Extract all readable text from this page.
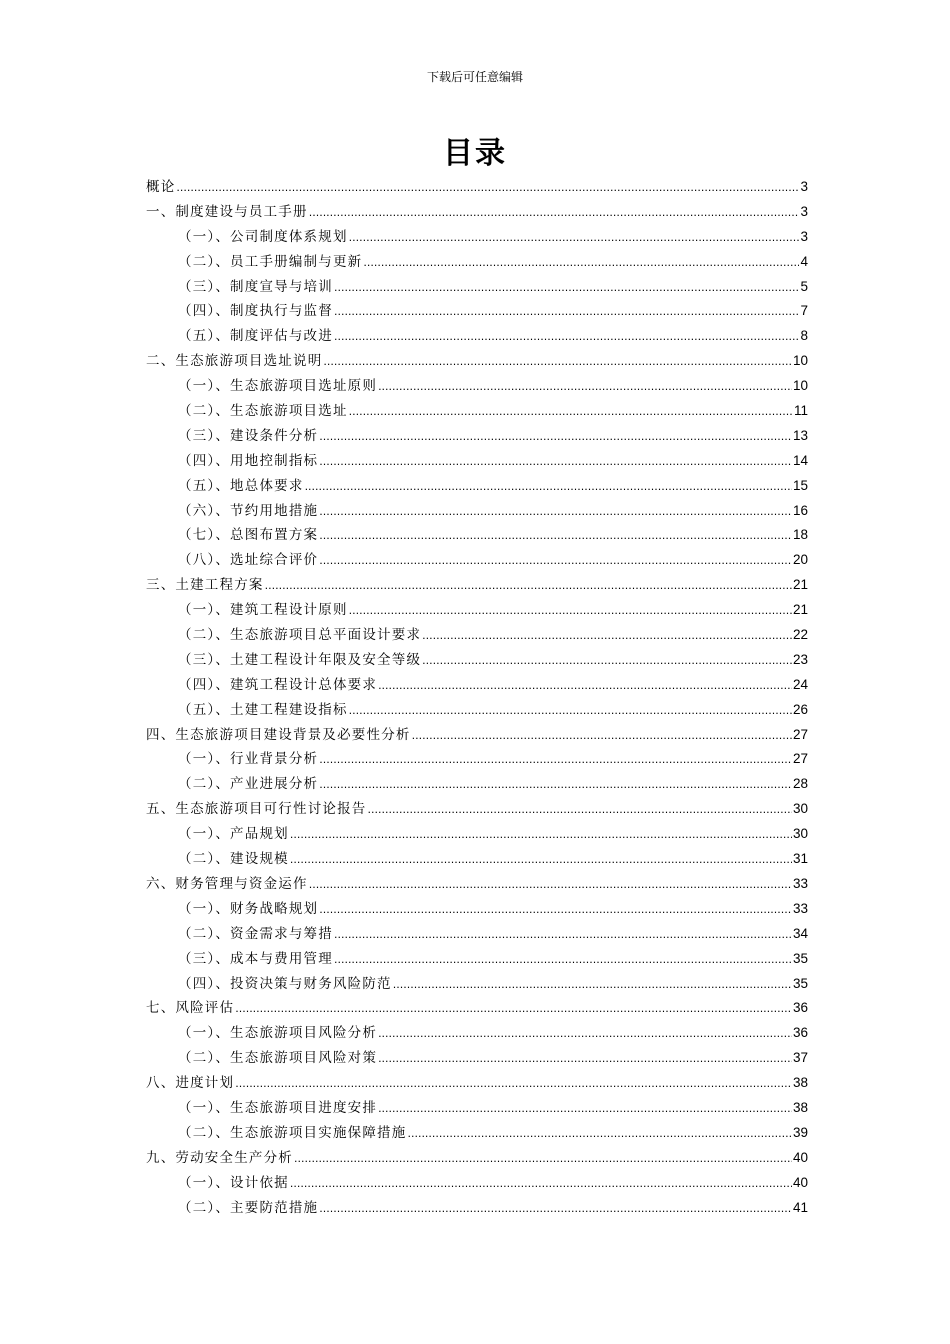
下载后可任意编辑
目录
概论 .....	3
一、制度建设与员工手册 .....	3
（一）、公司制度体系规划 .....	3
（二）、员工手册编制与更新 .....	4
（三）、制度宣导与培训 .....	5
（四）、制度执行与监督 .....	7
（五）、制度评估与改进 .....	8
二、生态旅游项目选址说明 .....	10
（一）、生态旅游项目选址原则 .....	10
（二）、生态旅游项目选址 .....	11
（三）、建设条件分析 .....	13
（四）、用地控制指标 .....	14
（五）、地总体要求 .....	15
（六）、节约用地措施 .....	16
（七）、总图布置方案 .....	18
（八）、选址综合评价 .....	20
三、土建工程方案 .....	21
（一）、建筑工程设计原则 .....	21
（二）、生态旅游项目总平面设计要求 .....	22
（三）、土建工程设计年限及安全等级 .....	23
（四）、建筑工程设计总体要求 .....	24
（五）、土建工程建设指标 .....	26
四、生态旅游项目建设背景及必要性分析 .....	27
（一）、行业背景分析 .....	27
（二）、产业进展分析 .....	28
五、生态旅游项目可行性讨论报告 .....	30
（一）、产品规划 .....	30
（二）、建设规模 .....	31
六、财务管理与资金运作 .....	33
（一）、财务战略规划 .....	33
（二）、资金需求与筹措 .....	34
（三）、成本与费用管理 .....	35
（四）、投资决策与财务风险防范 .....	35
七、风险评估 .....	36
（一）、生态旅游项目风险分析 .....	36
（二）、生态旅游项目风险对策 .....	37
八、进度计划 .....	38
（一）、生态旅游项目进度安排 .....	38
（二）、生态旅游项目实施保障措施 .....	39
九、劳动安全生产分析 .....	40
（一）、设计依据 .....	40
（二）、主要防范措施 .....	41
